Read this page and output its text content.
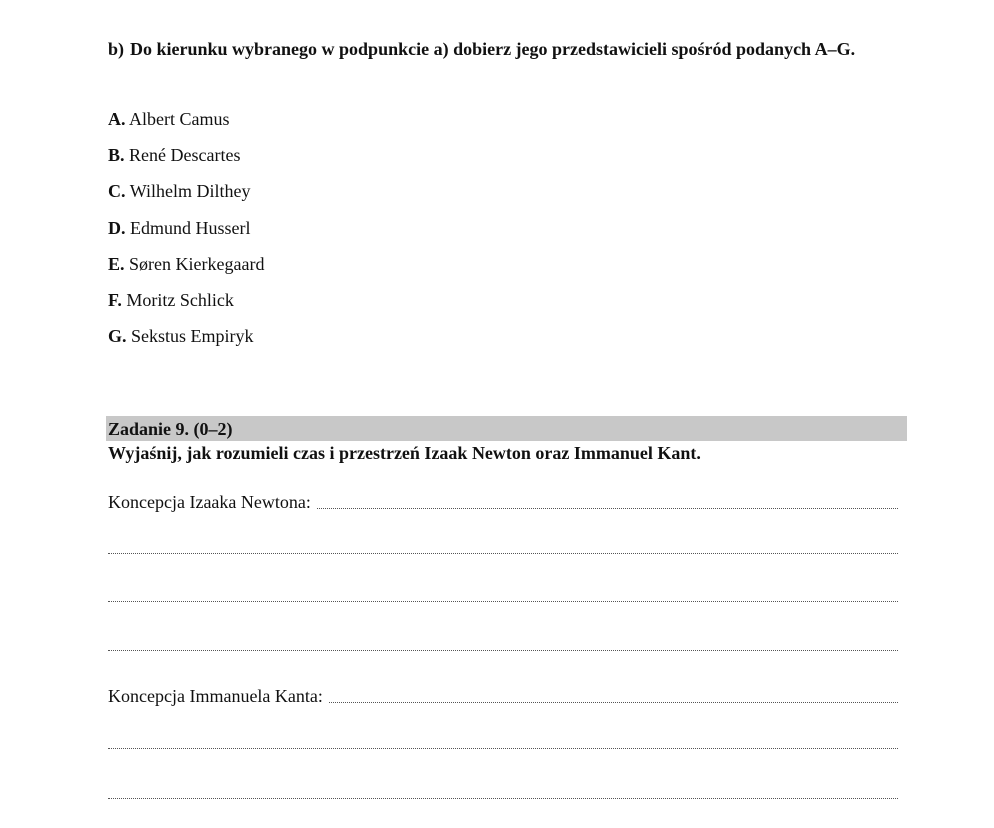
b) Do kierunku wybranego w podpunkcie a) dobierz jego przedstawicieli spośród podanych A–G.
A. Albert Camus
B. René Descartes
C. Wilhelm Dilthey
D. Edmund Husserl
E. Søren Kierkegaard
F. Moritz Schlick
G. Sekstus Empiryk
Zadanie 9. (0–2)
Wyjaśnij, jak rozumieli czas i przestrzeń Izaak Newton oraz Immanuel Kant.
Koncepcja Izaaka Newtona:
Koncepcja Immanuela Kanta:
